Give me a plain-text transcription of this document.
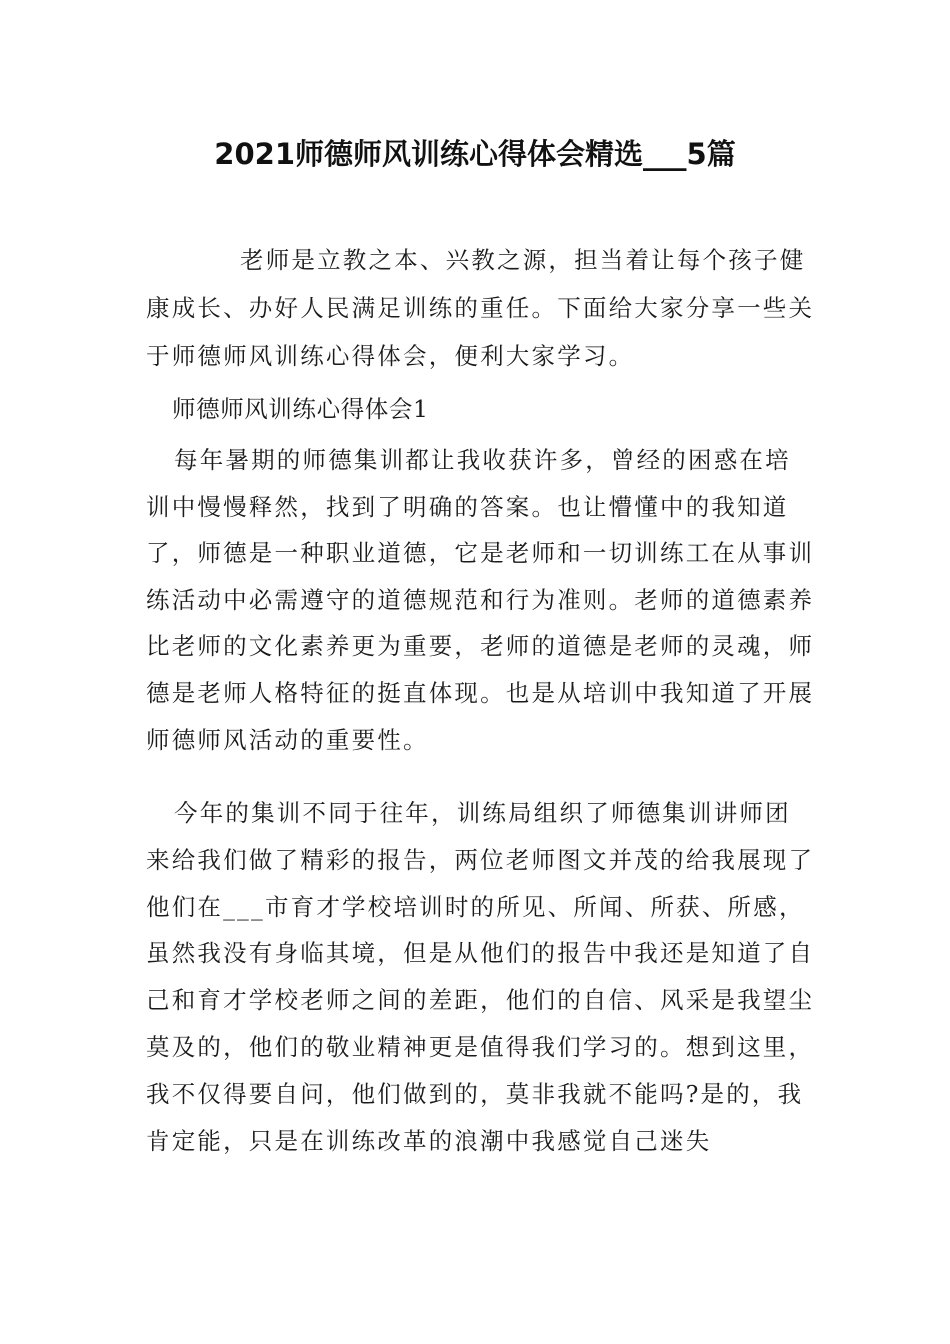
2021师德师风训练心得体会精选___5篇

老师是立教之本、兴教之源，担当着让每个孩子健康成长、办好人民满足训练的重任。下面给大家分享一些关于师德师风训练心得体会，便利大家学习。

师德师风训练心得体会1

每年暑期的师德集训都让我收获许多，曾经的困惑在培训中慢慢释然，找到了明确的答案。也让懵懂中的我知道了，师德是一种职业道德，它是老师和一切训练工在从事训练活动中必需遵守的道德规范和行为准则。老师的道德素养比老师的文化素养更为重要，老师的道德是老师的灵魂，师德是老师人格特征的挺直体现。也是从培训中我知道了开展师德师风活动的重要性。

今年的集训不同于往年，训练局组织了师德集训讲师团来给我们做了精彩的报告，两位老师图文并茂的给我展现了他们在___市育才学校培训时的所见、所闻、所获、所感，虽然我没有身临其境，但是从他们的报告中我还是知道了自己和育才学校老师之间的差距，他们的自信、风采是我望尘莫及的，他们的敬业精神更是值得我们学习的。想到这里，我不仅得要自问，他们做到的，莫非我就不能吗?是的，我肯定能，只是在训练改革的浪潮中我感觉自己迷失
